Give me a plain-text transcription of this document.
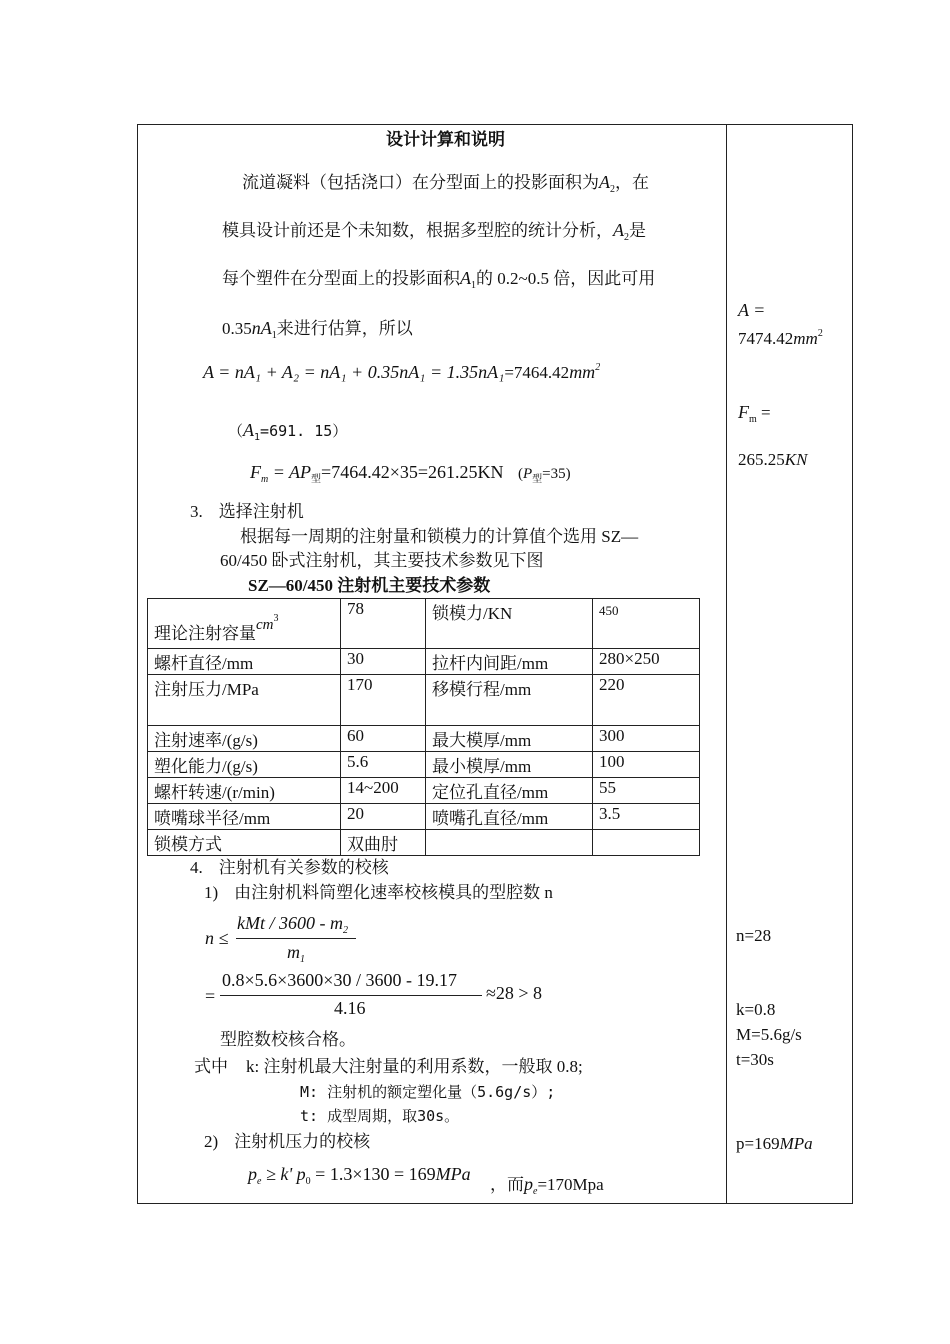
设计计算和说明
流道凝料（包括浇口）在分型面上的投影面积为$A_2$，在
模具设计前还是个未知数，根据多型腔的统计分析，$A_2$是
每个塑件在分型面上的投影面积$A_1$的 0.2~0.5 倍，因此可用
$0.35nA_1$来进行估算，所以
$A = nA_1 + A_2 = nA_1 + 0.35nA_1 = 1.35nA_1=7464.42mm^2$
（$A_1=691$. 15）
$F_m = AP_型=7464.42\times 35=261.25KN$ $(P_型=35)$
3. 选择注射机
根据每一周期的注射量和锁模力的计算值个选用 SZ—
60/450 卧式注射机，其主要技术参数见下图
SZ—60/450 注射机主要技术参数
理论注射容量$cm^3$	78	锁模力/KN	450
螺杆直径/mm	30	拉杆内间距/mm	280×250
注射压力/MPa	170	移模行程/mm	220
注射速率/(g/s)	60	最大模厚/mm	300
塑化能力/(g/s)	5.6	最小模厚/mm	100
螺杆转速/(r/min)	14~200	定位孔直径/mm	55
喷嘴球半径/mm	20	喷嘴孔直径/mm	3.5
锁模方式	双曲肘		
4. 注射机有关参数的校核
1) 由注射机料筒塑化速率校核模具的型腔数 n
n ≤
kMt / $3600 - m_2$
$m_1$
=
0.8×5.6×3600×30 / 3600 - 19.17
4.16
≈28 > 8
型腔数校核合格。
式中 k: 注射机最大注射量的利用系数，一般取 0.8;
M: 注射机的额定塑化量（5.6g/s）;
t: 成型周期，取30s。
2) 注射机压力的校核
$p_e \ge k'$ $p_0 = 1.3\times 130 = 169MPa$
，而$p_e=170Mpa$
A =
$7474.42mm^2$
$F_m$ =
265.25KN
n=28
k=0.8
M=5.6g/s
t=30s
p=169MPa
